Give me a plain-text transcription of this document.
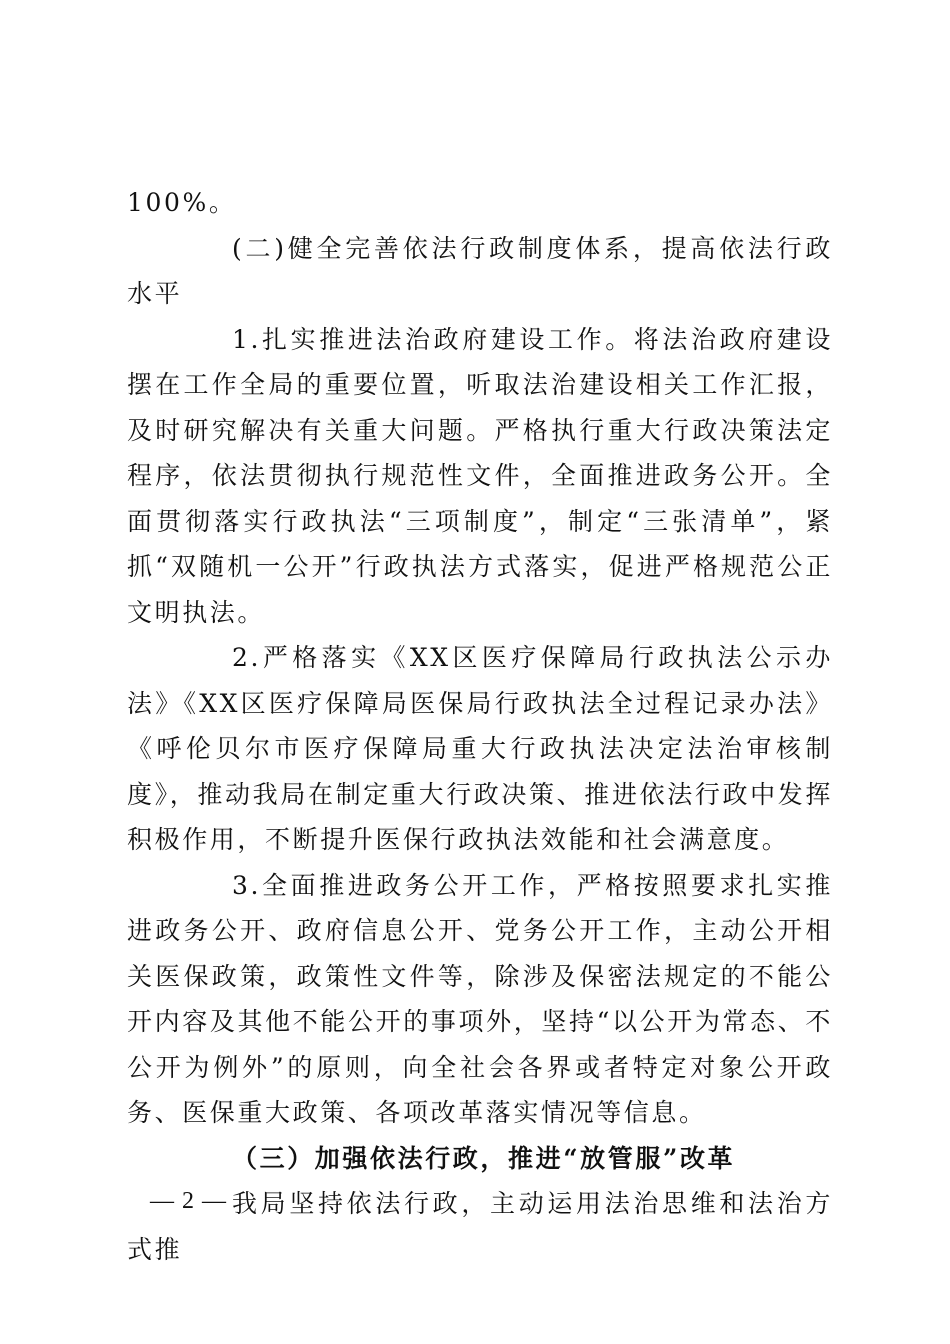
100%。

(二)健全完善依法行政制度体系，提高依法行政水平

1.扎实推进法治政府建设工作。将法治政府建设摆在工作全局的重要位置，听取法治建设相关工作汇报，及时研究解决有关重大问题。严格执行重大行政决策法定程序，依法贯彻执行规范性文件，全面推进政务公开。全面贯彻落实行政执法“三项制度”，制定“三张清单”，紧抓“双随机一公开”行政执法方式落实，促进严格规范公正文明执法。

2.严格落实《XX区医疗保障局行政执法公示办法》《XX区医疗保障局医保局行政执法全过程记录办法》《呼伦贝尔市医疗保障局重大行政执法决定法治审核制度》，推动我局在制定重大行政决策、推进依法行政中发挥积极作用，不断提升医保行政执法效能和社会满意度。

3.全面推进政务公开工作，严格按照要求扎实推进政务公开、政府信息公开、党务公开工作，主动公开相关医保政策，政策性文件等，除涉及保密法规定的不能公开内容及其他不能公开的事项外，坚持“以公开为常态、不公开为例外”的原则，向全社会各界或者特定对象公开政务、医保重大政策、各项改革落实情况等信息。

（三）加强依法行政，推进“放管服”改革

我局坚持依法行政，主动运用法治思维和法治方式推

— 2 —
